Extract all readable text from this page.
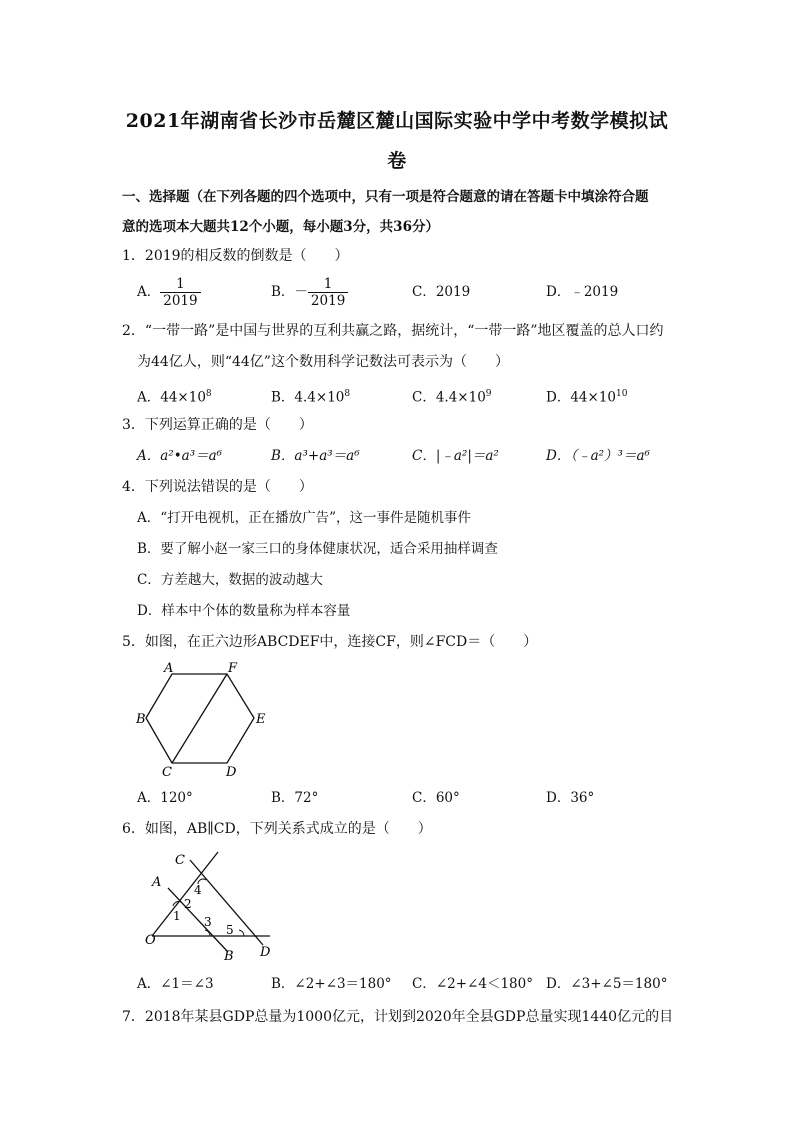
2021年湖南省长沙市岳麓区麓山国际实验中学中考数学模拟试
卷
一、选择题（在下列各题的四个选项中，只有一项是符合题意的请在答题卡中填涂符合题
意的选项本大题共12个小题，每小题3分，共36分）
1．2019的相反数的倒数是（　　）
A． $\frac{1}{2019}$	B．－ $\frac{1}{2019}$	C．2019	D．﹣2019
2．“一带一路”是中国与世界的互利共赢之路，据统计，“一带一路”地区覆盖的总人口约
为44亿人，则“44亿”这个数用科学记数法可表示为（　　）
A．$44\times 10^8$	B．$4.4\times 10^8$	C．$4.4\times 10^9$	D．$44\times 10^{10}$
3．下列运算正确的是（　　）
A．a²•a³＝a⁶	B．a³+a³＝a⁶	C．|﹣a²|＝a²	D．（﹣a²）³＝a⁶
4．下列说法错误的是（　　）
A．“打开电视机，正在播放广告”，这一事件是随机事件
B．要了解小赵一家三口的身体健康状况，适合采用抽样调查
C．方差越大，数据的波动越大
D．样本中个体的数量称为样本容量
5．如图，在正六边形ABCDEF中，连接CF，则∠FCD＝（　　）
A	F
B	E
C	D
A．120°	B．72°	C．60°	D．36°
6．如图，AB∥CD，下列关系式成立的是（　　）
C
A
O
B D
1
2
3
4
5
A．∠1＝∠3	B．∠2+∠3＝180° C．∠2+∠4＜180° D．∠3+∠5＝180°
7．2018年某县GDP总量为1000亿元，计划到2020年全县GDP总量实现1440亿元的目
